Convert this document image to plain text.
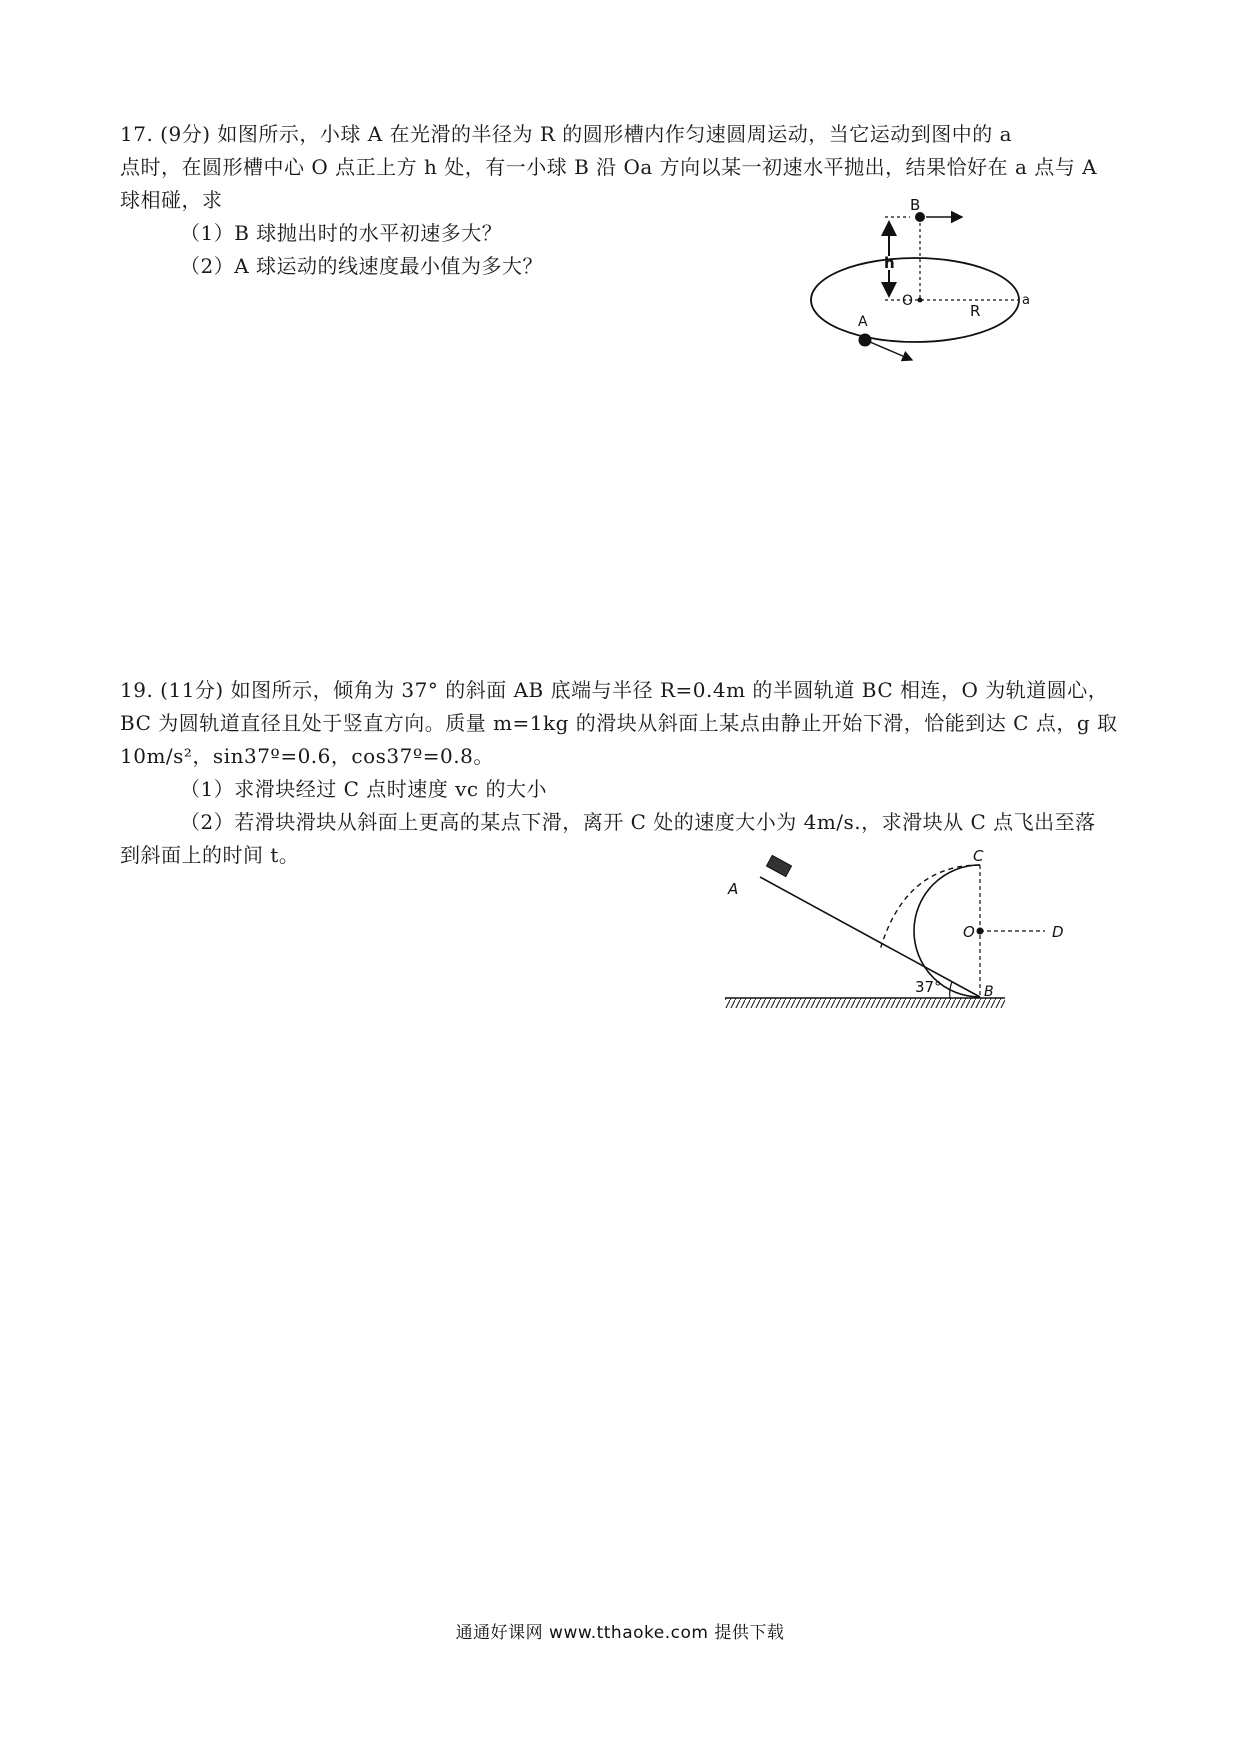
17. (9分) 如图所示，小球 A 在光滑的半径为 R 的圆形槽内作匀速圆周运动，当它运动到图中的 a
点时，在圆形槽中心 O 点正上方 h 处，有一小球 B 沿 Oa 方向以某一初速水平抛出，结果恰好在 a 点与 A
球相碰，求
（1）B 球抛出时的水平初速多大？
（2）A 球运动的线速度最小值为多大？	h
B
O
R
a
A
19. (11分) 如图所示，倾角为 37° 的斜面 AB 底端与半径 R=0.4m 的半圆轨道 BC 相连，O 为轨道圆心，
BC 为圆轨道直径且处于竖直方向。质量 m=1kg 的滑块从斜面上某点由静止开始下滑，恰能到达 C 点，g 取
10m/s²，sin37º=0.6，cos37º=0.8。
（1）求滑块经过 C 点时速度 vc 的大小
（2）若滑块滑块从斜面上更高的某点下滑，离开 C 处的速度大小为 4m/s.，求滑块从 C 点飞出至落
到斜面上的时间 t。
A
O
C
D
B
37°
通通好课网 www.tthaoke.com 提供下载
